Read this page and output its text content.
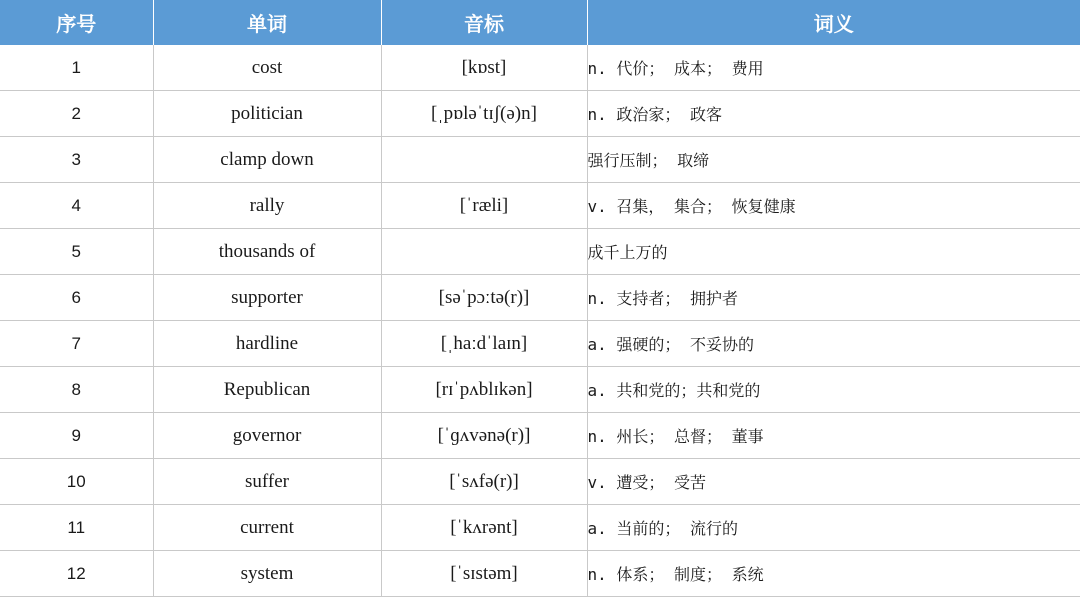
序号	单词	音标	词义
1	cost	[kɒst]	n. 代价； 成本； 费用
2	politician	[ˌpɒləˈtɪʃ(ə)n]	n. 政治家； 政客
3	clamp down		强行压制； 取缔
4	rally	[ˈræli]	v. 召集， 集合； 恢复健康
5	thousands of		成千上万的
6	supporter	[səˈpɔːtə(r)]	n. 支持者； 拥护者
7	hardline	[ˌhaːdˈlaɪn]	a. 强硬的； 不妥协的
8	Republican	[rɪˈpʌblɪkən]	a. 共和党的；共和党的
9	governor	[ˈɡʌvənə(r)]	n. 州长； 总督； 董事
10	suffer	[ˈsʌfə(r)]	v. 遭受； 受苦
11	current	[ˈkʌrənt]	a. 当前的； 流行的
12	system	[ˈsɪstəm]	n. 体系； 制度； 系统
